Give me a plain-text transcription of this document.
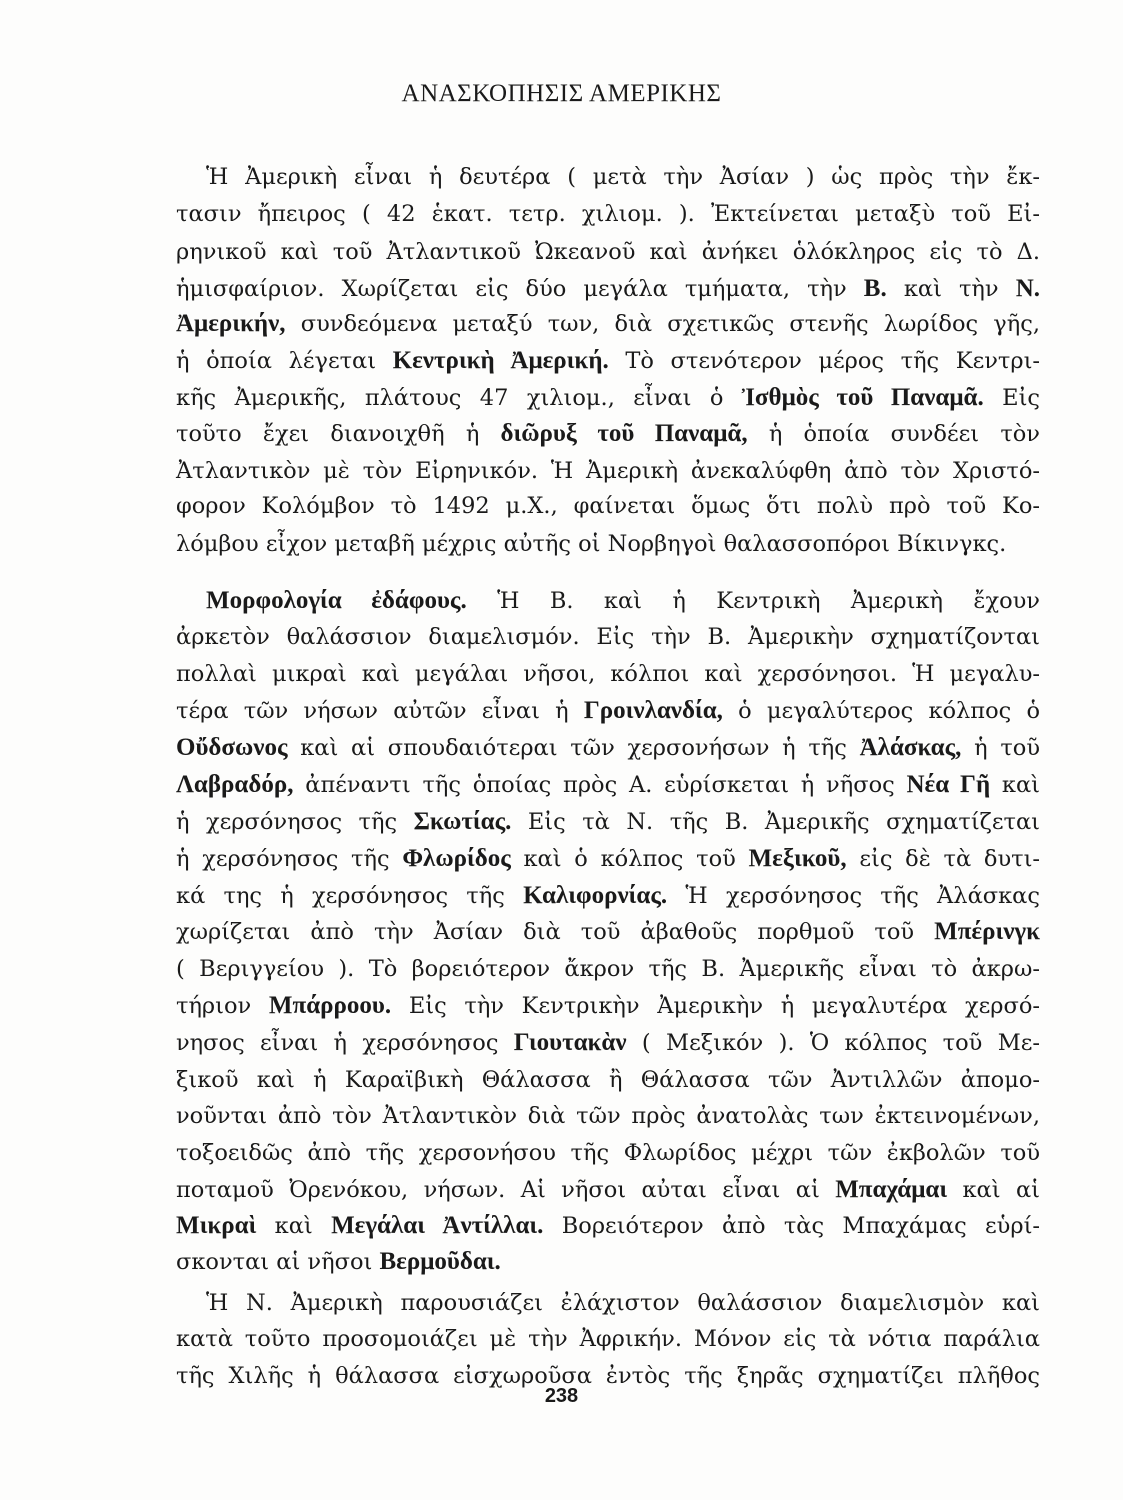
ΑΝΑΣΚΟΠΗΣΙΣ ΑΜΕΡΙΚΗΣ
Ἡ Ἀμερικὴ εἶναι ἡ δευτέρα ( μετὰ τὴν Ἀσίαν ) ὡς πρὸς τὴν ἔκ-
τασιν ἤπειρος ( 42 ἑκατ. τετρ. χιλιομ. ). Ἐκτείνεται μεταξὺ τοῦ Εἰ-
ρηνικοῦ καὶ τοῦ Ἀτλαντικοῦ Ὠκεανοῦ καὶ ἀνήκει ὁλόκληρος εἰς τὸ Δ.
ἡμισφαίριον. Χωρίζεται εἰς δύο μεγάλα τμήματα, τὴν Β. καὶ τὴν Ν.
Ἀμερικήν, συνδεόμενα μεταξύ των, διὰ σχετικῶς στενῆς λωρίδος γῆς,
ἡ ὁποία λέγεται Κεντρικὴ Ἀμερική. Τὸ στενότερον μέρος τῆς Κεντρι-
κῆς Ἀμερικῆς, πλάτους 47 χιλιομ., εἶναι ὁ Ἰσθμὸς τοῦ Παναμᾶ. Εἰς
τοῦτο ἔχει διανοιχθῆ ἡ διῶρυξ τοῦ Παναμᾶ, ἡ ὁποία συνδέει τὸν
Ἀτλαντικὸν μὲ τὸν Εἰρηνικόν. Ἡ Ἀμερικὴ ἀνεκαλύφθη ἀπὸ τὸν Χριστό-
φορον Κολόμβον τὸ 1492 μ.Χ., φαίνεται ὅμως ὅτι πολὺ πρὸ τοῦ Κο-
λόμβου εἶχον μεταβῆ μέχρις αὐτῆς οἱ Νορβηγοὶ θαλασσοπόροι Βίκινγκς.
Μορφολογία ἐδάφους. Ἡ Β. καὶ ἡ Κεντρικὴ Ἀμερικὴ ἔχουν
ἀρκετὸν θαλάσσιον διαμελισμόν. Εἰς τὴν Β. Ἀμερικὴν σχηματίζονται
πολλαὶ μικραὶ καὶ μεγάλαι νῆσοι, κόλποι καὶ χερσόνησοι. Ἡ μεγαλυ-
τέρα τῶν νήσων αὐτῶν εἶναι ἡ Γροινλανδία, ὁ μεγαλύτερος κόλπος ὁ
Οὔδσωνος καὶ αἱ σπουδαιότεραι τῶν χερσονήσων ἡ τῆς Ἀλάσκας, ἡ τοῦ
Λαβραδόρ, ἀπέναντι τῆς ὁποίας πρὸς Α. εὑρίσκεται ἡ νῆσος Νέα Γῆ καὶ
ἡ χερσόνησος τῆς Σκωτίας. Εἰς τὰ Ν. τῆς Β. Ἀμερικῆς σχηματίζεται
ἡ χερσόνησος τῆς Φλωρίδος καὶ ὁ κόλπος τοῦ Μεξικοῦ, εἰς δὲ τὰ δυτι-
κά της ἡ χερσόνησος τῆς Καλιφορνίας. Ἡ χερσόνησος τῆς Ἀλάσκας
χωρίζεται ἀπὸ τὴν Ἀσίαν διὰ τοῦ ἀβαθοῦς πορθμοῦ τοῦ Μπέρινγκ
( Βεριγγείου ). Τὸ βορειότερον ἄκρον τῆς Β. Ἀμερικῆς εἶναι τὸ ἀκρω-
τήριον Μπάρροου. Εἰς τὴν Κεντρικὴν Ἀμερικὴν ἡ μεγαλυτέρα χερσό-
νησος εἶναι ἡ χερσόνησος Γιουτακὰν ( Μεξικόν ). Ὁ κόλπος τοῦ Με-
ξικοῦ καὶ ἡ Καραϊβικὴ Θάλασσα ἢ Θάλασσα τῶν Ἀντιλλῶν ἀπομο-
νοῦνται ἀπὸ τὸν Ἀτλαντικὸν διὰ τῶν πρὸς ἀνατολὰς των ἐκτεινομένων,
τοξοειδῶς ἀπὸ τῆς χερσονήσου τῆς Φλωρίδος μέχρι τῶν ἐκβολῶν τοῦ
ποταμοῦ Ὀρενόκου, νήσων. Αἱ νῆσοι αὐται εἶναι αἱ Μπαχάμαι καὶ αἱ
Μικραὶ καὶ Μεγάλαι Ἀντίλλαι. Βορειότερον ἀπὸ τὰς Μπαχάμας εὑρί-
σκονται αἱ νῆσοι Βερμοῦδαι.
Ἡ Ν. Ἀμερικὴ παρουσιάζει ἐλάχιστον θαλάσσιον διαμελισμὸν καὶ
κατὰ τοῦτο προσομοιάζει μὲ τὴν Ἀφρικήν. Μόνον εἰς τὰ νότια παράλια
τῆς Χιλῆς ἡ θάλασσα εἰσχωροῦσα ἐντὸς τῆς ξηρᾶς σχηματίζει πλῆθος
238
